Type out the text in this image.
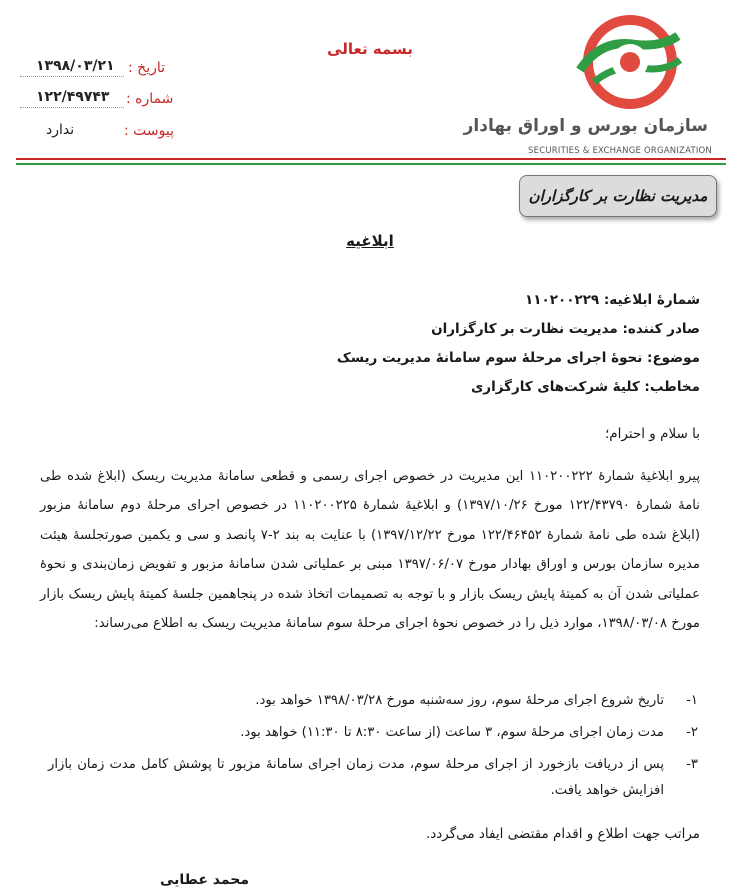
سازمان بورس و اوراق بهادار
SECURITIES & EXCHANGE ORGANIZATION
بسمه تعالی
تاریخ :
۱۳۹۸/۰۳/۲۱
شماره :
۱۲۲/۴۹۷۴۳
پیوست :
ندارد
مدیریت نظارت بر کارگزاران
ابلاغیه
شمارهٔ ابلاغیه: ۱۱۰۲۰۰۲۲۹
صادر کننده: مدیریت نظارت بر کارگزاران
موضوع: نحوهٔ اجرای مرحلهٔ سوم سامانهٔ مدیریت ریسک
مخاطب: کلیهٔ شرکت‌های کارگزاری
با سلام و احترام؛
پیرو ابلاغیهٔ شمارهٔ ۱۱۰۲۰۰۲۲۲ این مدیریت در خصوص اجرای رسمی و قطعی سامانهٔ مدیریت ریسک (ابلاغ شده طی نامهٔ شمارهٔ ۱۲۲/۴۳۷۹۰ مورخ ۱۳۹۷/۱۰/۲۶) و ابلاغیهٔ شمارهٔ ۱۱۰۲۰۰۲۲۵ در خصوص اجرای مرحلهٔ دوم سامانهٔ مزبور (ابلاغ شده طی نامهٔ شمارهٔ ۱۲۲/۴۶۴۵۲ مورخ ۱۳۹۷/۱۲/۲۲) با عنایت به بند ۲-۷ پانصد و سی و یکمین صورتجلسهٔ هیئت مدیره سازمان بورس و اوراق بهادار مورخ ۱۳۹۷/۰۶/۰۷ مبنی بر عملیاتی شدن سامانهٔ مزبور و تفویض زمان‌بندی و نحوهٔ عملیاتی شدن آن به کمیتهٔ پایش ریسک بازار و با توجه به تصمیمات اتخاذ شده در پنجاهمین جلسهٔ کمیتهٔ پایش ریسک بازار مورخ ۱۳۹۸/۰۳/۰۸، موارد ذیل را در خصوص نحوهٔ اجرای مرحلهٔ سوم سامانهٔ مدیریت ریسک به اطلاع می‌رساند:
۱-
تاریخ شروع اجرای مرحلهٔ سوم، روز سه‌شنبه مورخ ۱۳۹۸/۰۳/۲۸ خواهد بود.
۲-
مدت زمان اجرای مرحلهٔ سوم، ۳ ساعت (از ساعت ۸:۳۰ تا ۱۱:۳۰) خواهد بود.
۳-
پس از دریافت بازخورد از اجرای مرحلهٔ سوم، مدت زمان اجرای سامانهٔ مزبور تا پوشش کامل مدت زمان بازار افزایش خواهد یافت.
مراتب جهت اطلاع و اقدام مقتضی ایفاد می‌گردد.
محمد عطایی
